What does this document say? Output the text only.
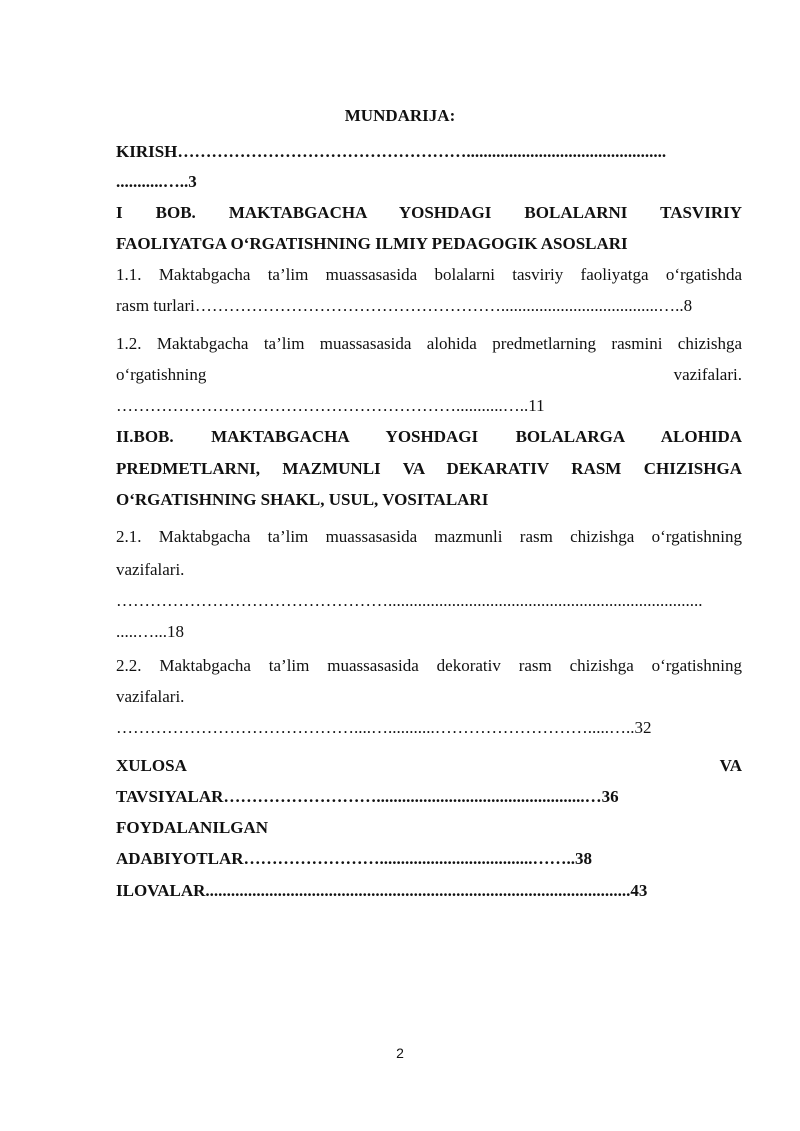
MUNDARIJA:
KIRISH……………………………………………...............................................
...........…..3
I BOB. MAKTABGACHA YOSHDAGI BOLALARNI TASVIRIY
FAOLIYATGA O‘RGATISHNING ILMIY PEDAGOGIK ASOSLARI
1.1. Maktabgacha ta’lim muassasasida bolalarni tasviriy faoliyatga o‘rgatishda
rasm turlari……………………………………………….....................................…..8
1.2. Maktabgacha ta’lim muassasasida alohida predmetlarning rasmini chizishga
o‘rgatishning	vazifalari.
……………………………………………………...........…..11
II.BOB. MAKTABGACHA YOSHDAGI BOLALARGA ALOHIDA
PREDMETLARNI, MAZMUNLI VA DEKARATIV RASM CHIZISHGA
O‘RGATISHNING SHAKL, USUL, VOSITALARI
2.1. Maktabgacha ta’lim muassasasida mazmunli rasm chizishga o‘rgatishning
vazifalari.
…………………………………………..........................................................................
.....…...18
2.2. Maktabgacha ta’lim muassasasida dekorativ rasm chizishga o‘rgatishning
vazifalari.
……………………………………....…...........……………………….....…..32
XULOSA	VA
TAVSIYALAR……………………….................................................…36
FOYDALANILGAN
ADABIYOTLAR……………………....................................……..38
ILOVALAR....................................................................................................43
2
